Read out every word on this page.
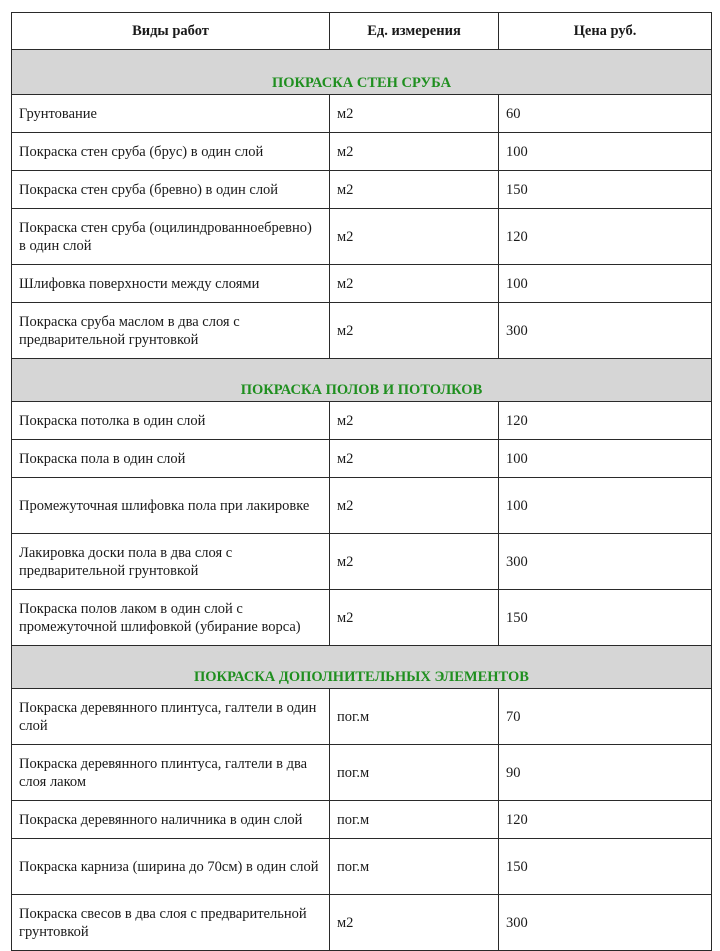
Виды работ	Ед. измерения	Цена руб.
ПОКРАСКА СТЕН СРУБА		
Грунтование	м2	60
Покраска стен сруба (брус) в один слой	м2	100
Покраска стен сруба (бревно) в один слой	м2	150
Покраска стен сруба (оцилиндрованноебревно) в один слой	м2	120
Шлифовка поверхности между слоями	м2	100
Покраска сруба маслом в два слоя с предварительной грунтовкой	м2	300
ПОКРАСКА ПОЛОВ И ПОТОЛКОВ		
Покраска потолка в один слой	м2	120
Покраска пола в один слой	м2	100
Промежуточная шлифовка пола при лакировке	м2	100
Лакировка доски пола в два слоя с предварительной грунтовкой	м2	300
Покраска полов лаком в один слой с промежуточной шлифовкой (убирание ворса)	м2	150
ПОКРАСКА ДОПОЛНИТЕЛЬНЫХ ЭЛЕМЕНТОВ		
Покраска деревянного плинтуса, галтели в один слой	пог.м	70
Покраска деревянного плинтуса, галтели в два слоя лаком	пог.м	90
Покраска деревянного наличника в один слой	пог.м	120
Покраска карниза (ширина до 70см) в один слой	пог.м	150
Покраска свесов в два слоя с предварительной грунтовкой	м2	300
